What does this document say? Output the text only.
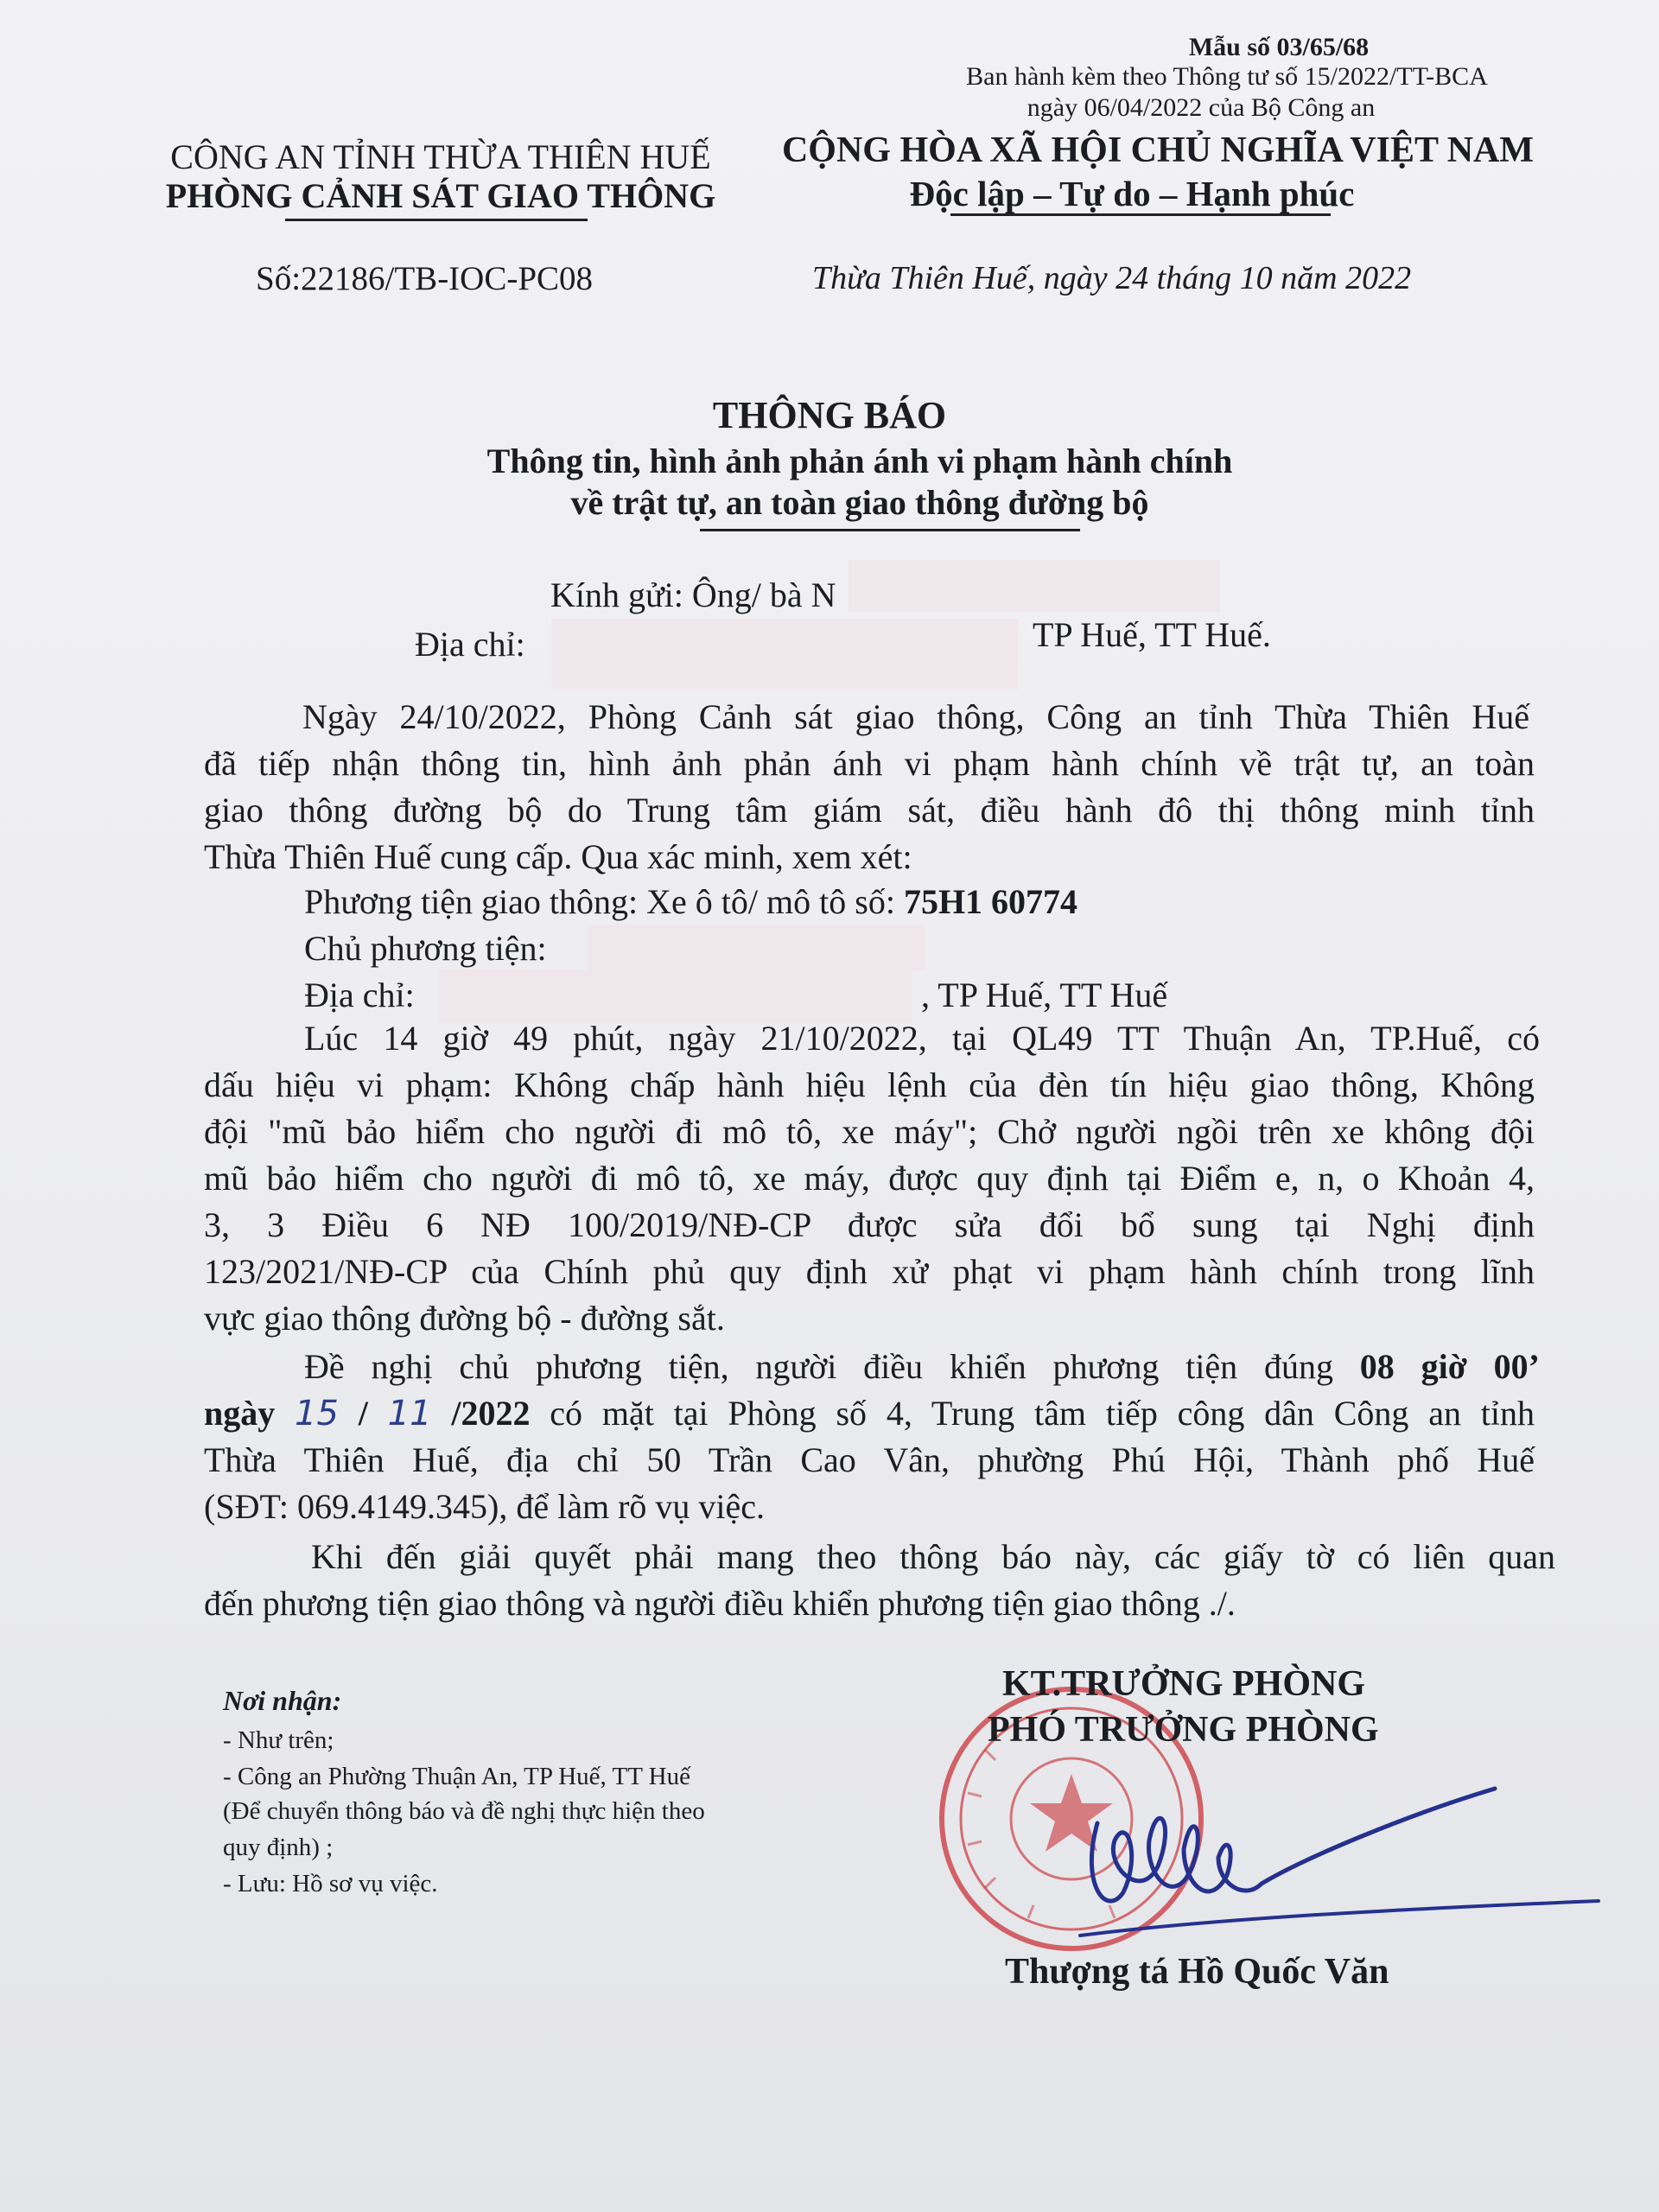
Mẫu số 03/65/68
Ban hành kèm theo Thông tư số 15/2022/TT-BCA
ngày 06/04/2022 của Bộ Công an
CÔNG AN TỈNH THỪA THIÊN HUẾ
PHÒNG CẢNH SÁT GIAO THÔNG
Số:22186/TB-IOC-PC08
CỘNG HÒA XÃ HỘI CHỦ NGHĨA VIỆT NAM
Độc lập – Tự do – Hạnh phúc
Thừa Thiên Huế, ngày 24 tháng 10 năm 2022
THÔNG BÁO
Thông tin, hình ảnh phản ánh vi phạm hành chính
về trật tự, an toàn giao thông đường bộ
Kính gửi: Ông/ bà N
Địa chỉ:	TP Huế, TT Huế.
Ngày 24/10/2022, Phòng Cảnh sát giao thông, Công an tỉnh Thừa Thiên Huế
đã tiếp nhận thông tin, hình ảnh phản ánh vi phạm hành chính về trật tự, an toàn
giao thông đường bộ do Trung tâm giám sát, điều hành đô thị thông minh tỉnh
Thừa Thiên Huế cung cấp. Qua xác minh, xem xét:
Phương tiện giao thông: Xe ô tô/ mô tô số: 75H1 60774
Chủ phương tiện:
Địa chỉ:	, TP Huế, TT Huế
Lúc 14 giờ 49 phút, ngày 21/10/2022, tại QL49 TT Thuận An, TP.Huế, có
dấu hiệu vi phạm: Không chấp hành hiệu lệnh của đèn tín hiệu giao thông, Không
đội "mũ bảo hiểm cho người đi mô tô, xe máy"; Chở người ngồi trên xe không đội
mũ bảo hiểm cho người đi mô tô, xe máy, được quy định tại Điểm e, n, o Khoản 4,
3, 3 Điều 6 NĐ 100/2019/NĐ-CP được sửa đổi bổ sung tại Nghị định
123/2021/NĐ-CP của Chính phủ quy định xử phạt vi phạm hành chính trong lĩnh
vực giao thông đường bộ - đường sắt.
Đề nghị chủ phương tiện, người điều khiển phương tiện đúng 08 giờ 00’
ngày 15 / 11 /2022 có mặt tại Phòng số 4, Trung tâm tiếp công dân Công an tỉnh
Thừa Thiên Huế, địa chỉ 50 Trần Cao Vân, phường Phú Hội, Thành phố Huế
(SĐT: 069.4149.345), để làm rõ vụ việc.
Khi đến giải quyết phải mang theo thông báo này, các giấy tờ có liên quan
đến phương tiện giao thông và người điều khiển phương tiện giao thông ./.
Nơi nhận:
- Như trên;
- Công an Phường Thuận An, TP Huế, TT Huế
(Để chuyển thông báo và đề nghị thực hiện theo
quy định) ;
- Lưu: Hồ sơ vụ việc.
KT.TRƯỞNG PHÒNG
PHÓ TRƯỞNG PHÒNG
Thượng tá Hồ Quốc Văn
